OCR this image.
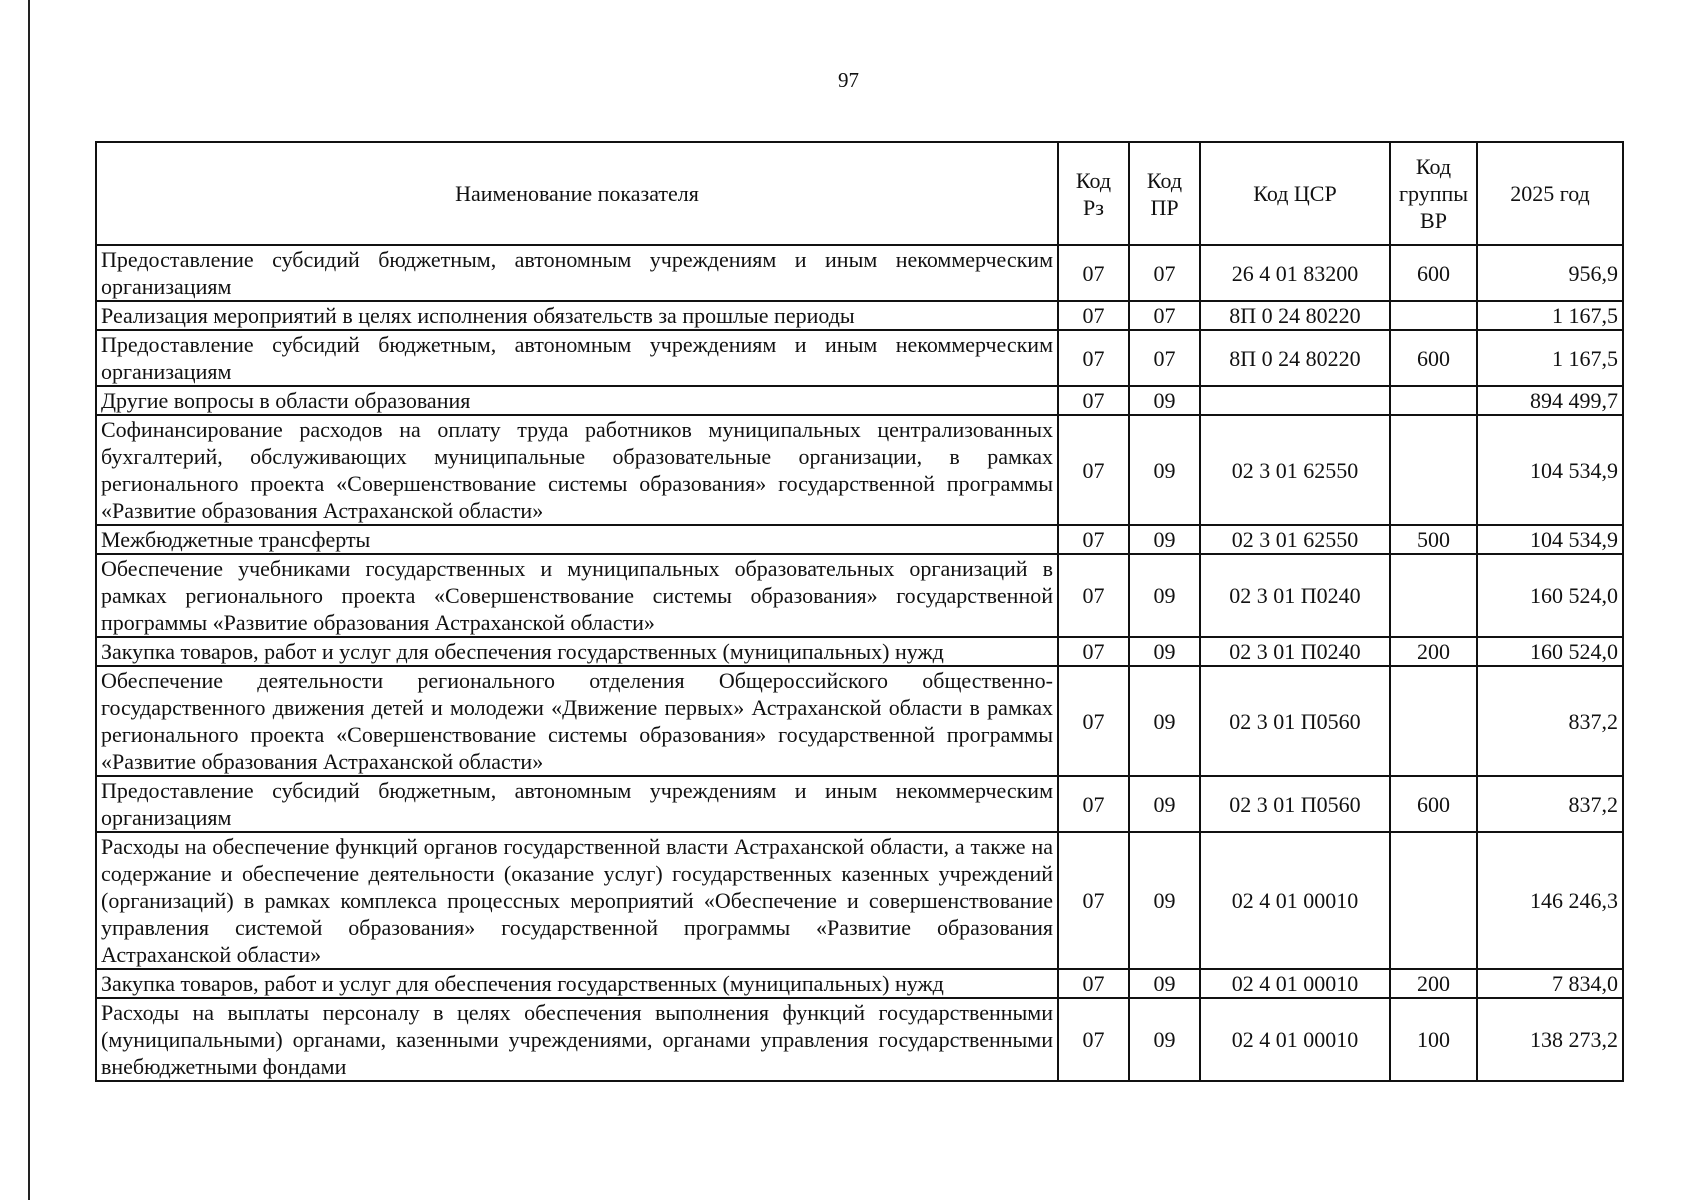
97
Наименование показателя	Код Рз	Код ПР	Код ЦСР	Код группы ВР	2025 год
Предоставление субсидий бюджетным, автономным учреждениям и иным некоммерческим организациям	07	07	26 4 01 83200	600	956,9
Реализация мероприятий в целях исполнения обязательств за прошлые периоды	07	07	8П 0 24 80220		1 167,5
Предоставление субсидий бюджетным, автономным учреждениям и иным некоммерческим организациям	07	07	8П 0 24 80220	600	1 167,5
Другие вопросы в области образования	07	09			894 499,7
Софинансирование расходов на оплату труда работников муниципальных централизованных бухгалтерий, обслуживающих муниципальные образовательные организации, в рамках регионального проекта «Совершенствование системы образования» государственной программы «Развитие образования Астраханской области»	07	09	02 3 01 62550		104 534,9
Межбюджетные трансферты	07	09	02 3 01 62550	500	104 534,9
Обеспечение учебниками государственных и муниципальных образовательных организаций в рамках регионального проекта «Совершенствование системы образования» государственной программы «Развитие образования Астраханской области»	07	09	02 3 01 П0240		160 524,0
Закупка товаров, работ и услуг для обеспечения государственных (муниципальных) нужд	07	09	02 3 01 П0240	200	160 524,0
Обеспечение деятельности регионального отделения Общероссийского общественно-государственного движения детей и молодежи «Движение первых» Астраханской области в рамках регионального проекта «Совершенствование системы образования» государственной программы «Развитие образования Астраханской области»	07	09	02 3 01 П0560		837,2
Предоставление субсидий бюджетным, автономным учреждениям и иным некоммерческим организациям	07	09	02 3 01 П0560	600	837,2
Расходы на обеспечение функций органов государственной власти Астраханской области, а также на содержание и обеспечение деятельности (оказание услуг) государственных казенных учреждений (организаций) в рамках комплекса процессных мероприятий «Обеспечение и совершенствование управления системой образования» государственной программы «Развитие образования Астраханской области»	07	09	02 4 01 00010		146 246,3
Закупка товаров, работ и услуг для обеспечения государственных (муниципальных) нужд	07	09	02 4 01 00010	200	7 834,0
Расходы на выплаты персоналу в целях обеспечения выполнения функций государственными (муниципальными) органами, казенными учреждениями, органами управления государственными внебюджетными фондами	07	09	02 4 01 00010	100	138 273,2
